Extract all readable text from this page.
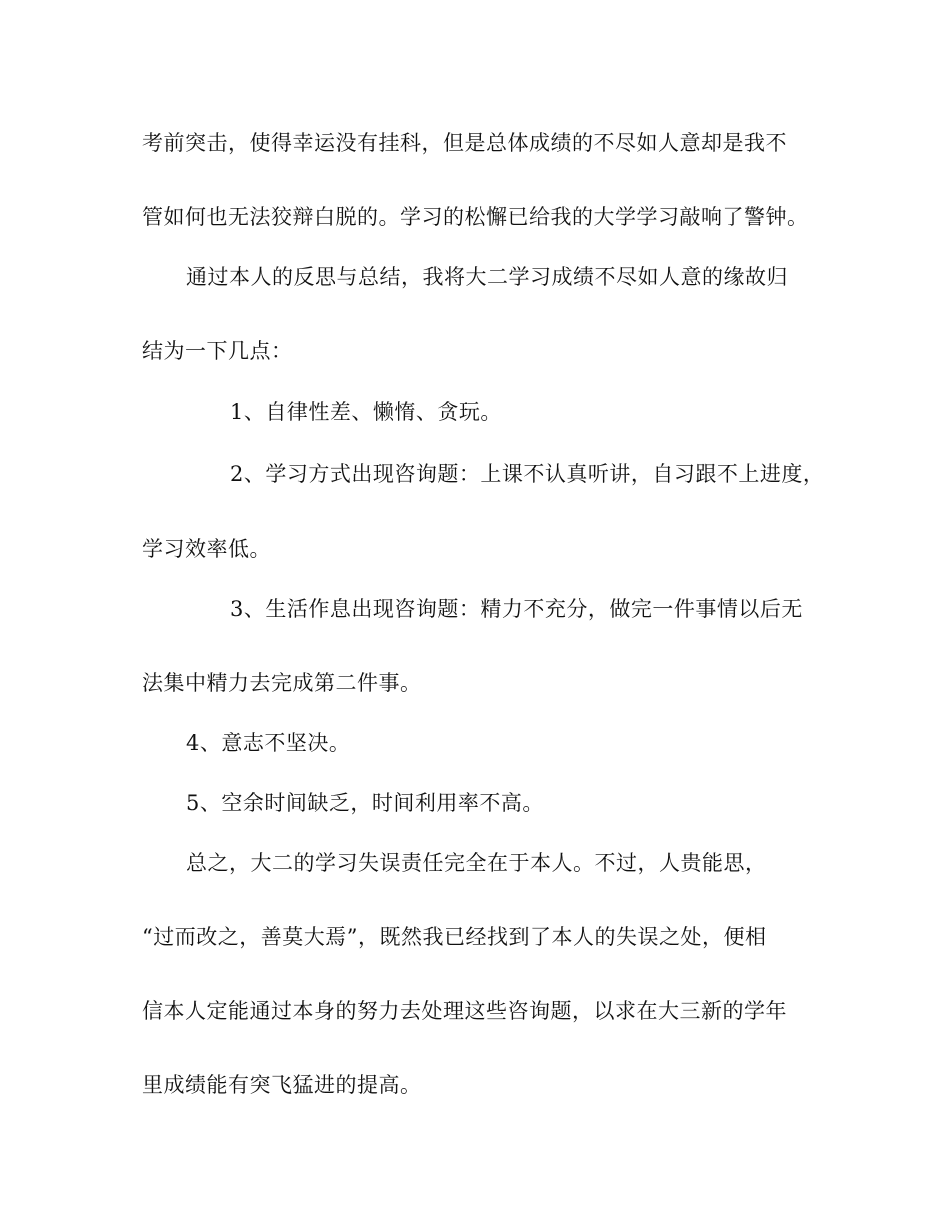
考前突击，使得幸运没有挂科，但是总体成绩的不尽如人意却是我不
管如何也无法狡辩白脱的。学习的松懈已给我的大学学习敲响了警钟。
通过本人的反思与总结，我将大二学习成绩不尽如人意的缘故归
结为一下几点：
1、自律性差、懒惰、贪玩。
2、学习方式出现咨询题：上课不认真听讲，自习跟不上进度，
学习效率低。
3、生活作息出现咨询题：精力不充分，做完一件事情以后无
法集中精力去完成第二件事。
4、意志不坚决。
5、空余时间缺乏，时间利用率不高。
总之，大二的学习失误责任完全在于本人。不过，人贵能思，
“过而改之，善莫大焉”，既然我已经找到了本人的失误之处，便相
信本人定能通过本身的努力去处理这些咨询题，以求在大三新的学年
里成绩能有突飞猛进的提高。
